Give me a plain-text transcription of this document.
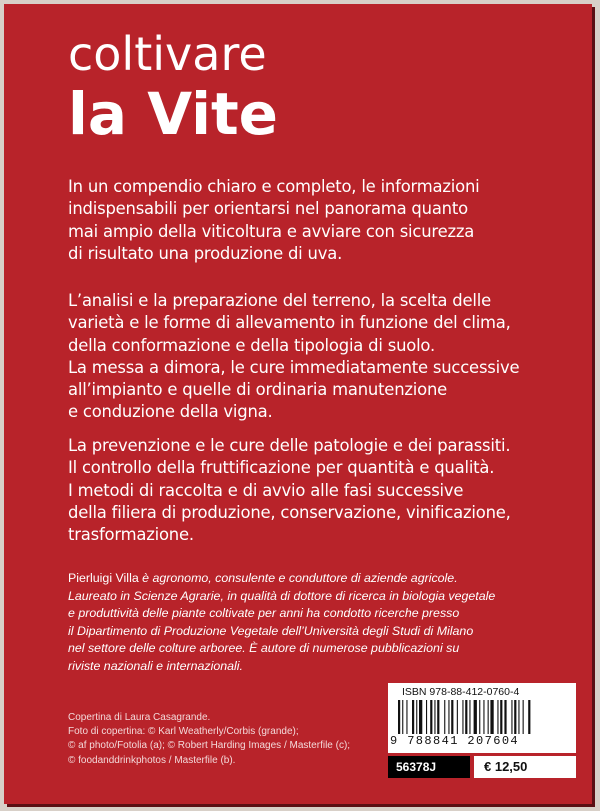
coltivare
la Vite
In un compendio chiaro e completo, le informazioni
indispensabili per orientarsi nel panorama quanto
mai ampio della viticoltura e avviare con sicurezza
di risultato una produzione di uva.
L’analisi e la preparazione del terreno, la scelta delle
varietà e le forme di allevamento in funzione del clima,
della conformazione e della tipologia di suolo.
La messa a dimora, le cure immediatamente successive
all’impianto e quelle di ordinaria manutenzione
e conduzione della vigna.
La prevenzione e le cure delle patologie e dei parassiti.
Il controllo della fruttificazione per quantità e qualità.
I metodi di raccolta e di avvio alle fasi successive
della filiera di produzione, conservazione, vinificazione,
trasformazione.
Pierluigi Villa è agronomo, consulente e conduttore di aziende agricole.
Laureato in Scienze Agrarie, in qualità di dottore di ricerca in biologia vegetale
e produttività delle piante coltivate per anni ha condotto ricerche presso
il Dipartimento di Produzione Vegetale dell’Università degli Studi di Milano
nel settore delle colture arboree. È autore di numerose pubblicazioni su
riviste nazionali e internazionali.
Copertina di Laura Casagrande.
Foto di copertina: © Karl Weatherly/Corbis (grande);
© af photo/Fotolia (a); © Robert Harding Images / Masterfile (c);
© foodanddrinkphotos / Masterfile (b).
ISBN 978-88-412-0760-4
9 788841 207604
56378J	€ 12,50
